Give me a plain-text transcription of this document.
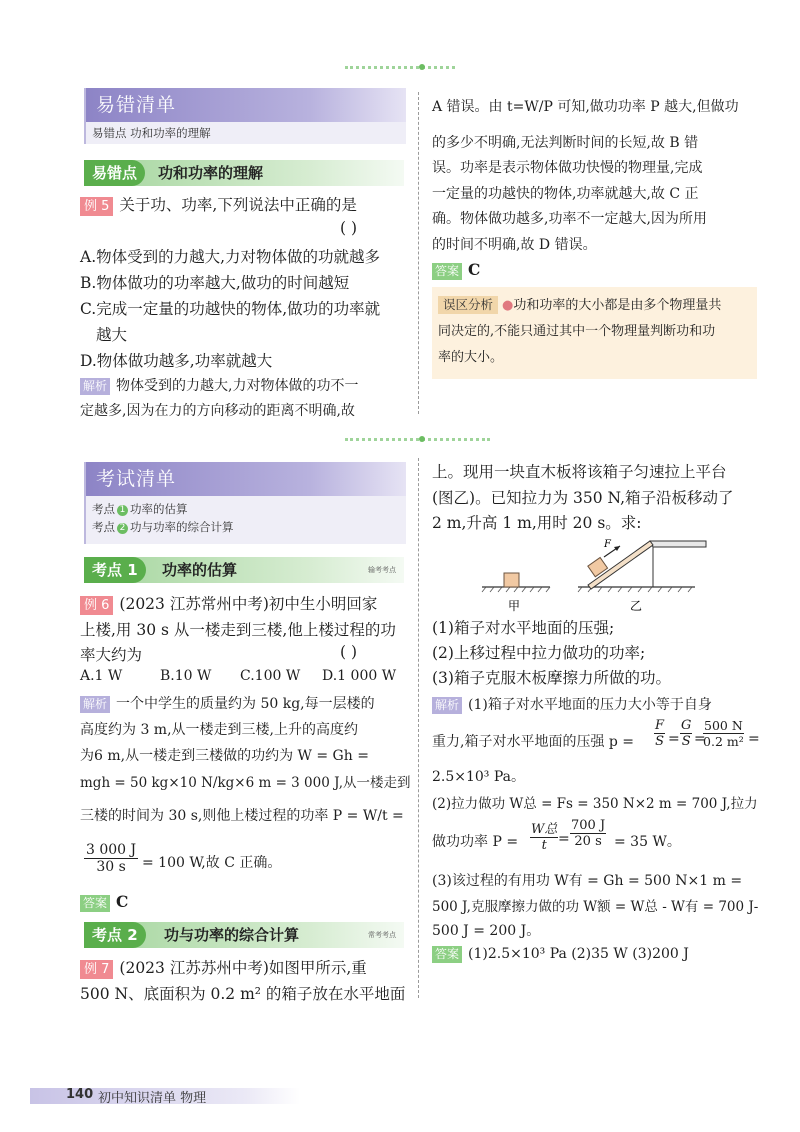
易错清单
易错点 功和功率的理解
易错点	功和功率的理解
例 5 关于功、功率,下列说法中正确的是
( )
A.物体受到的力越大,力对物体做的功就越多
B.物体做功的功率越大,做功的时间越短
C.完成一定量的功越快的物体,做功的功率就
越大
D.物体做功越多,功率就越大
解析 物体受到的力越大,力对物体做的功不一
定越多,因为在力的方向移动的距离不明确,故
A 错误。由 t=W/P 可知,做功功率 P 越大,但做功
的多少不明确,无法判断时间的长短,故 B 错
误。功率是表示物体做功快慢的物理量,完成
一定量的功越快的物体,功率就越大,故 C 正
确。物体做功越多,功率不一定越大,因为所用
的时间不明确,故 D 错误。
答案 C
误区分析 ●功和功率的大小都是由多个物理量共
同决定的,不能只通过其中一个物理量判断功和功
率的大小。
考试清单
考点 1 功率的估算
考点 2 功与功率的综合计算
考点 1	功率的估算	输考考点
例 6 (2023 江苏常州中考)初中生小明回家
上楼,用 30 s 从一楼走到三楼,他上楼过程的功
率大约为	( )
A.1 W	B.10 W C.100 W D.1 000 W
解析 一个中学生的质量约为 50 kg,每一层楼的
高度约为 3 m,从一楼走到三楼,上升的高度约
为6 m,从一楼走到三楼做的功约为 W = Gh =
mgh = 50 kg×10 N/kg×6 m = 3 000 J,从一楼走到
三楼的时间为 30 s,则他上楼过程的功率 P = W/t =
3 000 J
30 s	= 100 W,故 C 正确。
答案 C
考点 2	功与功率的综合计算	常考考点
例 7 (2023 江苏苏州中考)如图甲所示,重
500 N、底面积为 0.2 m² 的箱子放在水平地面
上。现用一块直木板将该箱子匀速拉上平台
(图乙)。已知拉力为 350 N,箱子沿板移动了
2 m,升高 1 m,用时 20 s。求:
F
甲	乙
(1)箱子对水平地面的压强;
(2)上移过程中拉力做功的功率;
(3)箱子克服木板摩擦力所做的功。
解析 (1)箱子对水平地面的压力大小等于自身
重力,箱子对水平地面的压强 p =
F
S =
G
S =
500 N
0.2 m² =
2.5×10³ Pa。
(2)拉力做功 W总 = Fs = 350 N×2 m = 700 J,拉力
做功功率 P =
W总
t =
700 J
20 s = 35 W。
(3)该过程的有用功 W有 = Gh = 500 N×1 m =
500 J,克服摩擦力做的功 W额 = W总 - W有 = 700 J-
500 J = 200 J。
答案 (1)2.5×10³ Pa (2)35 W (3)200 J
140 初中知识清单 物理
